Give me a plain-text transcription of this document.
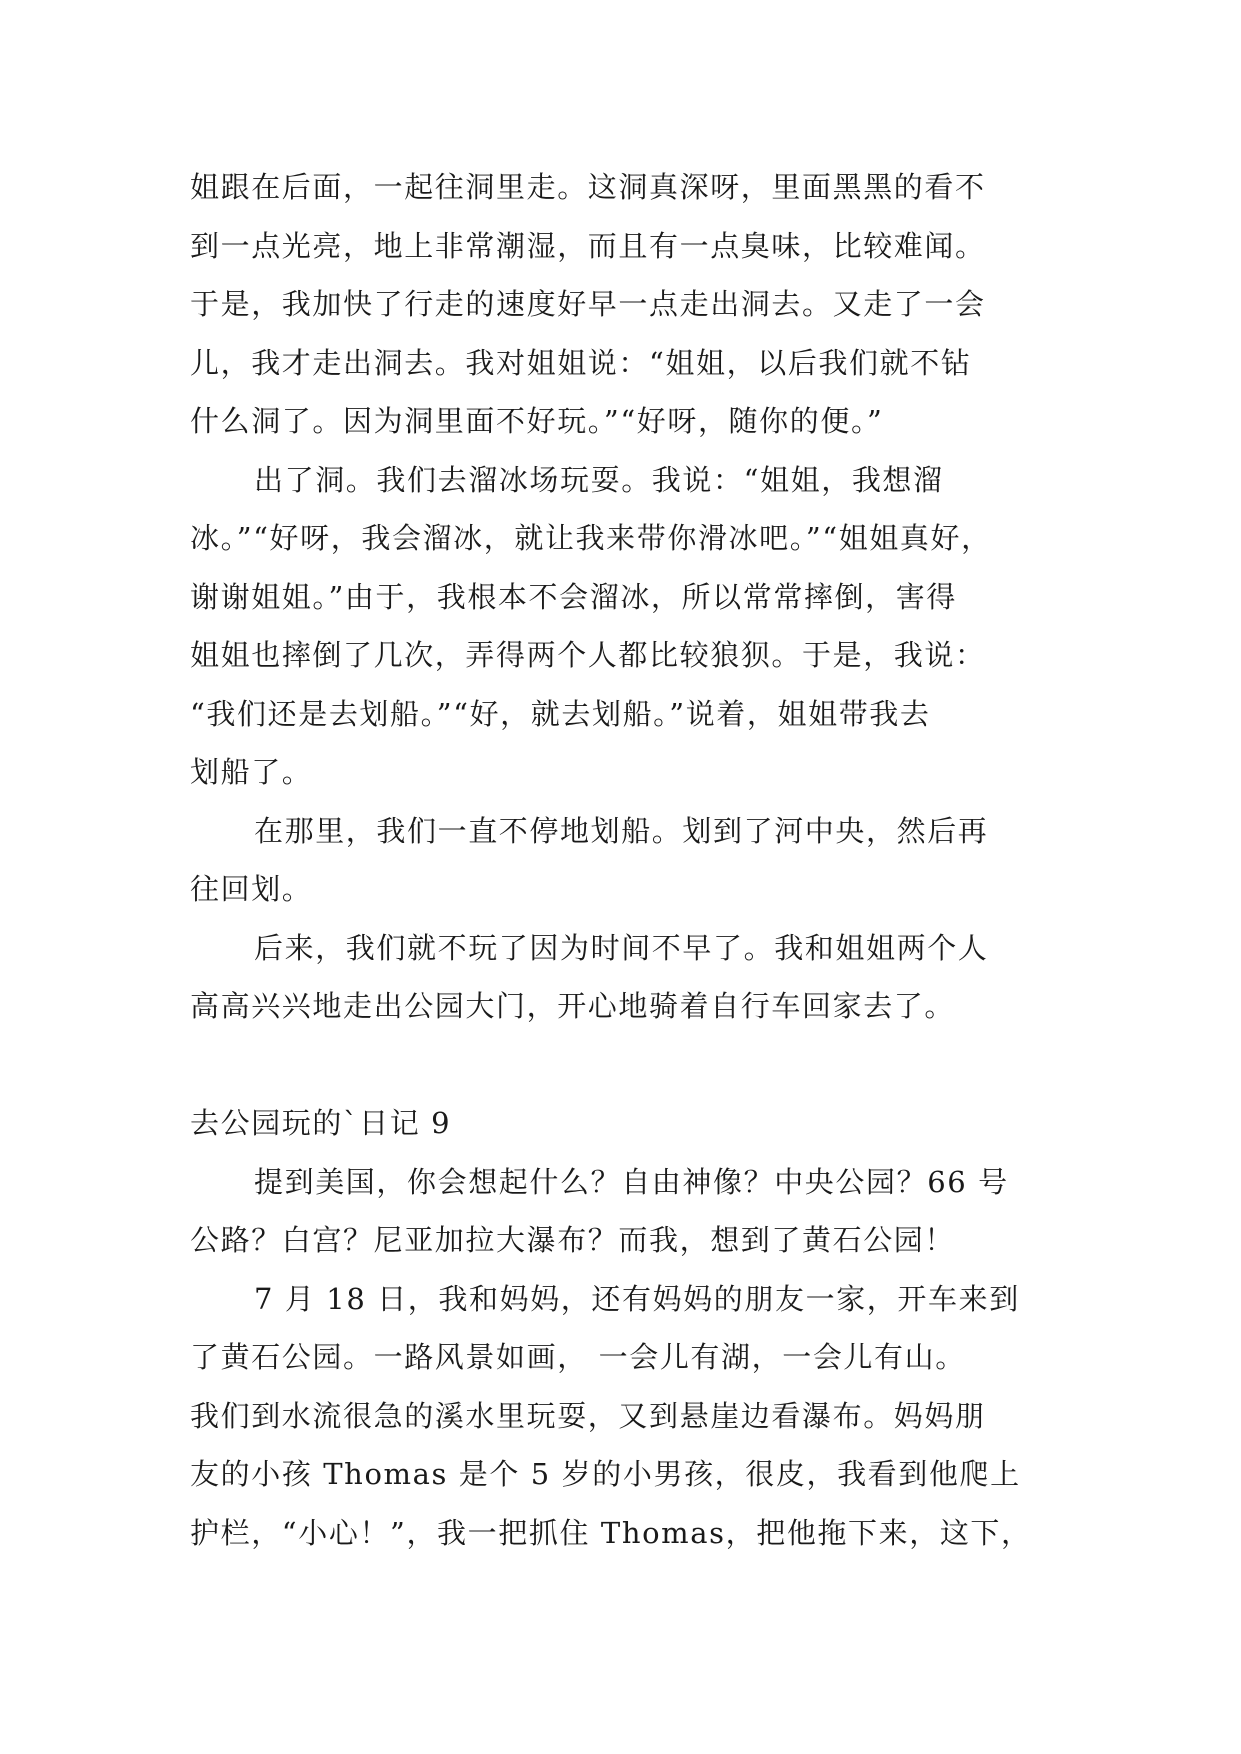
姐跟在后面，一起往洞里走。这洞真深呀，里面黑黑的看不
到一点光亮，地上非常潮湿，而且有一点臭味，比较难闻。
于是，我加快了行走的速度好早一点走出洞去。又走了一会
儿，我才走出洞去。我对姐姐说：“姐姐，以后我们就不钻
什么洞了。因为洞里面不好玩。”“好呀，随你的便。”
出了洞。我们去溜冰场玩耍。我说：“姐姐，我想溜
冰。”“好呀，我会溜冰，就让我来带你滑冰吧。”“姐姐真好，
谢谢姐姐。”由于，我根本不会溜冰，所以常常摔倒，害得
姐姐也摔倒了几次，弄得两个人都比较狼狈。于是，我说：
“我们还是去划船。”“好，就去划船。”说着，姐姐带我去
划船了。
在那里，我们一直不停地划船。划到了河中央，然后再
往回划。
后来，我们就不玩了因为时间不早了。我和姐姐两个人
高高兴兴地走出公园大门，开心地骑着自行车回家去了。
去公园玩的`日记 9
提到美国，你会想起什么？自由神像？中央公园？66 号
公路？白宫？尼亚加拉大瀑布？而我，想到了黄石公园！
7 月 18 日，我和妈妈，还有妈妈的朋友一家，开车来到
了黄石公园。一路风景如画， 一会儿有湖，一会儿有山。
我们到水流很急的溪水里玩耍，又到悬崖边看瀑布。妈妈朋
友的小孩 Thomas 是个 5 岁的小男孩，很皮，我看到他爬上
护栏，“小心！”，我一把抓住 Thomas，把他拖下来，这下，
